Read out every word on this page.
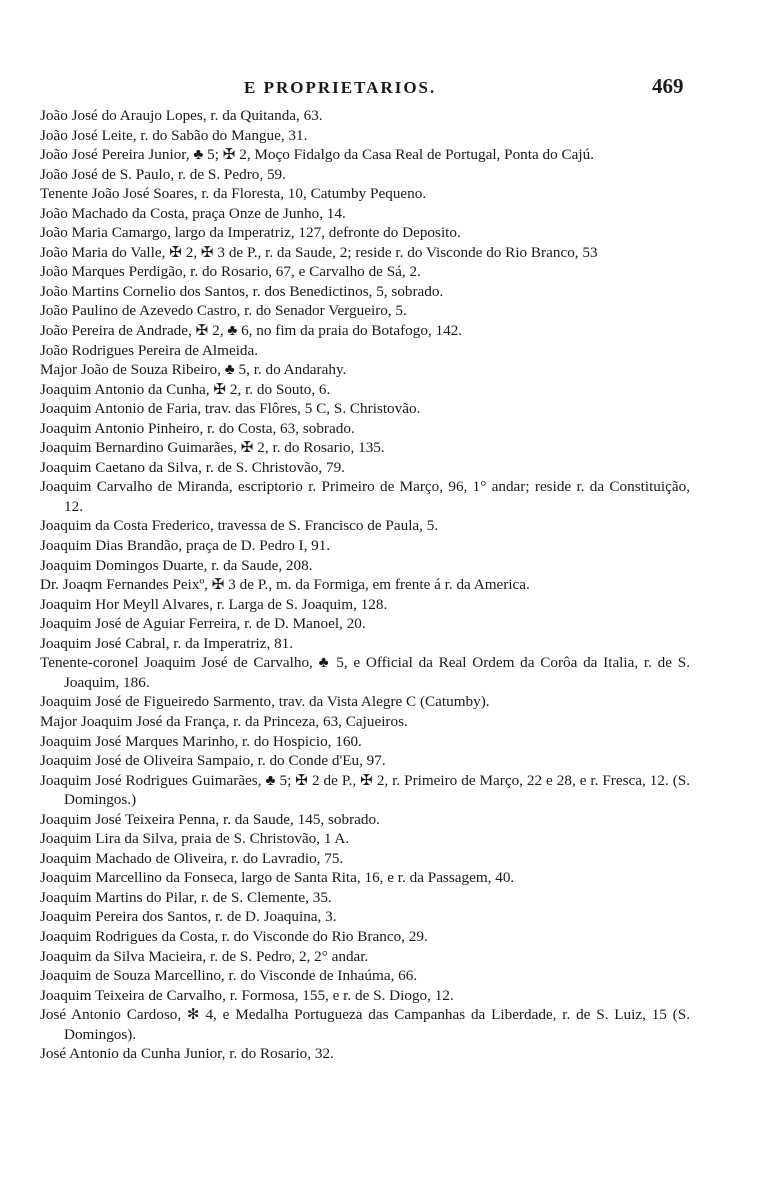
E PROPRIETARIOS.	469
João José do Araujo Lopes, r. da Quitanda, 63.
João José Leite, r. do Sabão do Mangue, 31.
João José Pereira Junior, ♣ 5; ✠ 2, Moço Fidalgo da Casa Real de Portugal, Ponta do Cajú.
João José de S. Paulo, r. de S. Pedro, 59.
Tenente João José Soares, r. da Floresta, 10, Catumby Pequeno.
João Machado da Costa, praça Onze de Junho, 14.
João Maria Camargo, largo da Imperatriz, 127, defronte do Deposito.
João Maria do Valle, ✠ 2, ✠ 3 de P., r. da Saude, 2; reside r. do Visconde do Rio Branco, 53
João Marques Perdigão, r. do Rosario, 67, e Carvalho de Sá, 2.
João Martins Cornelio dos Santos, r. dos Benedictinos, 5, sobrado.
João Paulino de Azevedo Castro, r. do Senador Vergueiro, 5.
João Pereira de Andrade, ✠ 2, ♣ 6, no fim da praia do Botafogo, 142.
João Rodrigues Pereira de Almeida.
Major João de Souza Ribeiro, ♣ 5, r. do Andarahy.
Joaquim Antonio da Cunha, ✠ 2, r. do Souto, 6.
Joaquim Antonio de Faria, trav. das Flôres, 5 C, S. Christovão.
Joaquim Antonio Pinheiro, r. do Costa, 63, sobrado.
Joaquim Bernardino Guimarães, ✠ 2, r. do Rosario, 135.
Joaquim Caetano da Silva, r. de S. Christovão, 79.
Joaquim Carvalho de Miranda, escriptorio r. Primeiro de Março, 96, 1° andar; reside r. da Constituição, 12.
Joaquim da Costa Frederico, travessa de S. Francisco de Paula, 5.
Joaquim Dias Brandão, praça de D. Pedro I, 91.
Joaquim Domingos Duarte, r. da Saude, 208.
Dr. Joaqm Fernandes Peixº, ✠ 3 de P., m. da Formiga, em frente á r. da America.
Joaquim Hor Meyll Alvares, r. Larga de S. Joaquim, 128.
Joaquim José de Aguiar Ferreira, r. de D. Manoel, 20.
Joaquim José Cabral, r. da Imperatriz, 81.
Tenente-coronel Joaquim José de Carvalho, ♣ 5, e Official da Real Ordem da Corôa da Italia, r. de S. Joaquim, 186.
Joaquim José de Figueiredo Sarmento, trav. da Vista Alegre C (Catumby).
Major Joaquim José da França, r. da Princeza, 63, Cajueiros.
Joaquim José Marques Marinho, r. do Hospicio, 160.
Joaquim José de Oliveira Sampaio, r. do Conde d'Eu, 97.
Joaquim José Rodrigues Guimarães, ♣ 5; ✠ 2 de P., ✠ 2, r. Primeiro de Março, 22 e 28, e r. Fresca, 12. (S. Domingos.)
Joaquim José Teixeira Penna, r. da Saude, 145, sobrado.
Joaquim Lira da Silva, praia de S. Christovão, 1 A.
Joaquim Machado de Oliveira, r. do Lavradio, 75.
Joaquim Marcellino da Fonseca, largo de Santa Rita, 16, e r. da Passagem, 40.
Joaquim Martins do Pilar, r. de S. Clemente, 35.
Joaquim Pereira dos Santos, r. de D. Joaquina, 3.
Joaquim Rodrigues da Costa, r. do Visconde do Rio Branco, 29.
Joaquim da Silva Macieira, r. de S. Pedro, 2, 2° andar.
Joaquim de Souza Marcellino, r. do Visconde de Inhaúma, 66.
Joaquim Teixeira de Carvalho, r. Formosa, 155, e r. de S. Diogo, 12.
José Antonio Cardoso, ✻ 4, e Medalha Portugueza das Campanhas da Liberdade, r. de S. Luiz, 15 (S. Domingos).
José Antonio da Cunha Junior, r. do Rosario, 32.
